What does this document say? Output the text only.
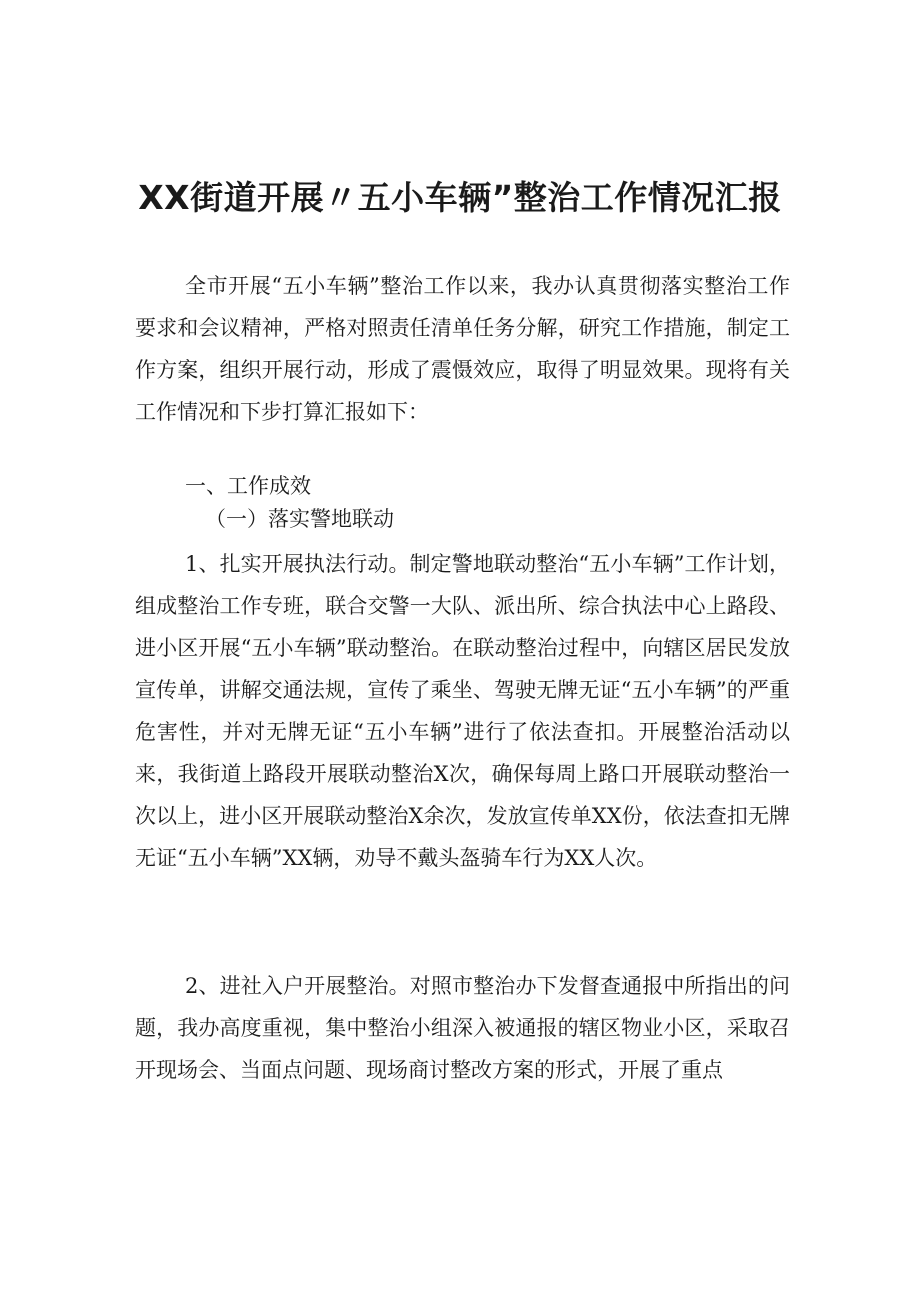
XX街道开展〃五小车辆”整治工作情况汇报

全市开展“五小车辆”整治工作以来，我办认真贯彻落实整治工作要求和会议精神，严格对照责任清单任务分解，研究工作措施，制定工作方案，组织开展行动，形成了震慑效应，取得了明显效果。现将有关工作情况和下步打算汇报如下：

一、工作成效

（一）落实警地联动

1、扎实开展执法行动。制定警地联动整治“五小车辆”工作计划，组成整治工作专班，联合交警一大队、派出所、综合执法中心上路段、进小区开展“五小车辆”联动整治。在联动整治过程中，向辖区居民发放宣传单，讲解交通法规，宣传了乘坐、驾驶无牌无证“五小车辆”的严重危害性，并对无牌无证“五小车辆”进行了依法查扣。开展整治活动以来，我街道上路段开展联动整治X次，确保每周上路口开展联动整治一次以上，进小区开展联动整治X余次，发放宣传单XX份，依法查扣无牌无证“五小车辆”XX辆，劝导不戴头盔骑车行为XX人次。

2、进社入户开展整治。对照市整治办下发督查通报中所指出的问题，我办高度重视，集中整治小组深入被通报的辖区物业小区，采取召开现场会、当面点问题、现场商讨整改方案的形式，开展了重点
